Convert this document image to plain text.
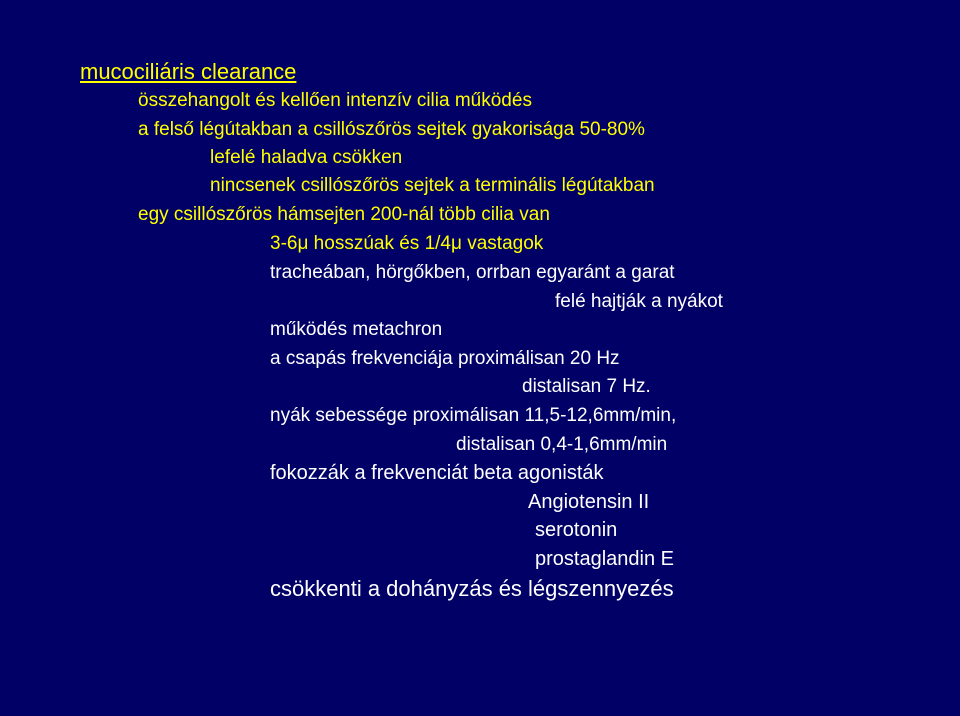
mucociliáris clearance
összehangolt és kellően intenzív cilia működés
a felső légútakban a csillószőrös sejtek gyakorisága 50-80%
lefelé haladva csökken
nincsenek csillószőrös sejtek a terminális légútakban
egy csillószőrös hámsejten 200-nál több cilia van
3-6μ hosszúak és 1/4μ vastagok
tracheában, hörgőkben, orrban egyaránt a garat
felé hajtják a nyákot
működés metachron
a csapás frekvenciája proximálisan 20 Hz
distalisan 7 Hz.
nyák sebessége proximálisan 11,5-12,6mm/min,
distalisan 0,4-1,6mm/min
fokozzák a frekvenciát beta agonisták
Angiotensin II
serotonin
prostaglandin E
csökkenti a dohányzás és légszennyezés
